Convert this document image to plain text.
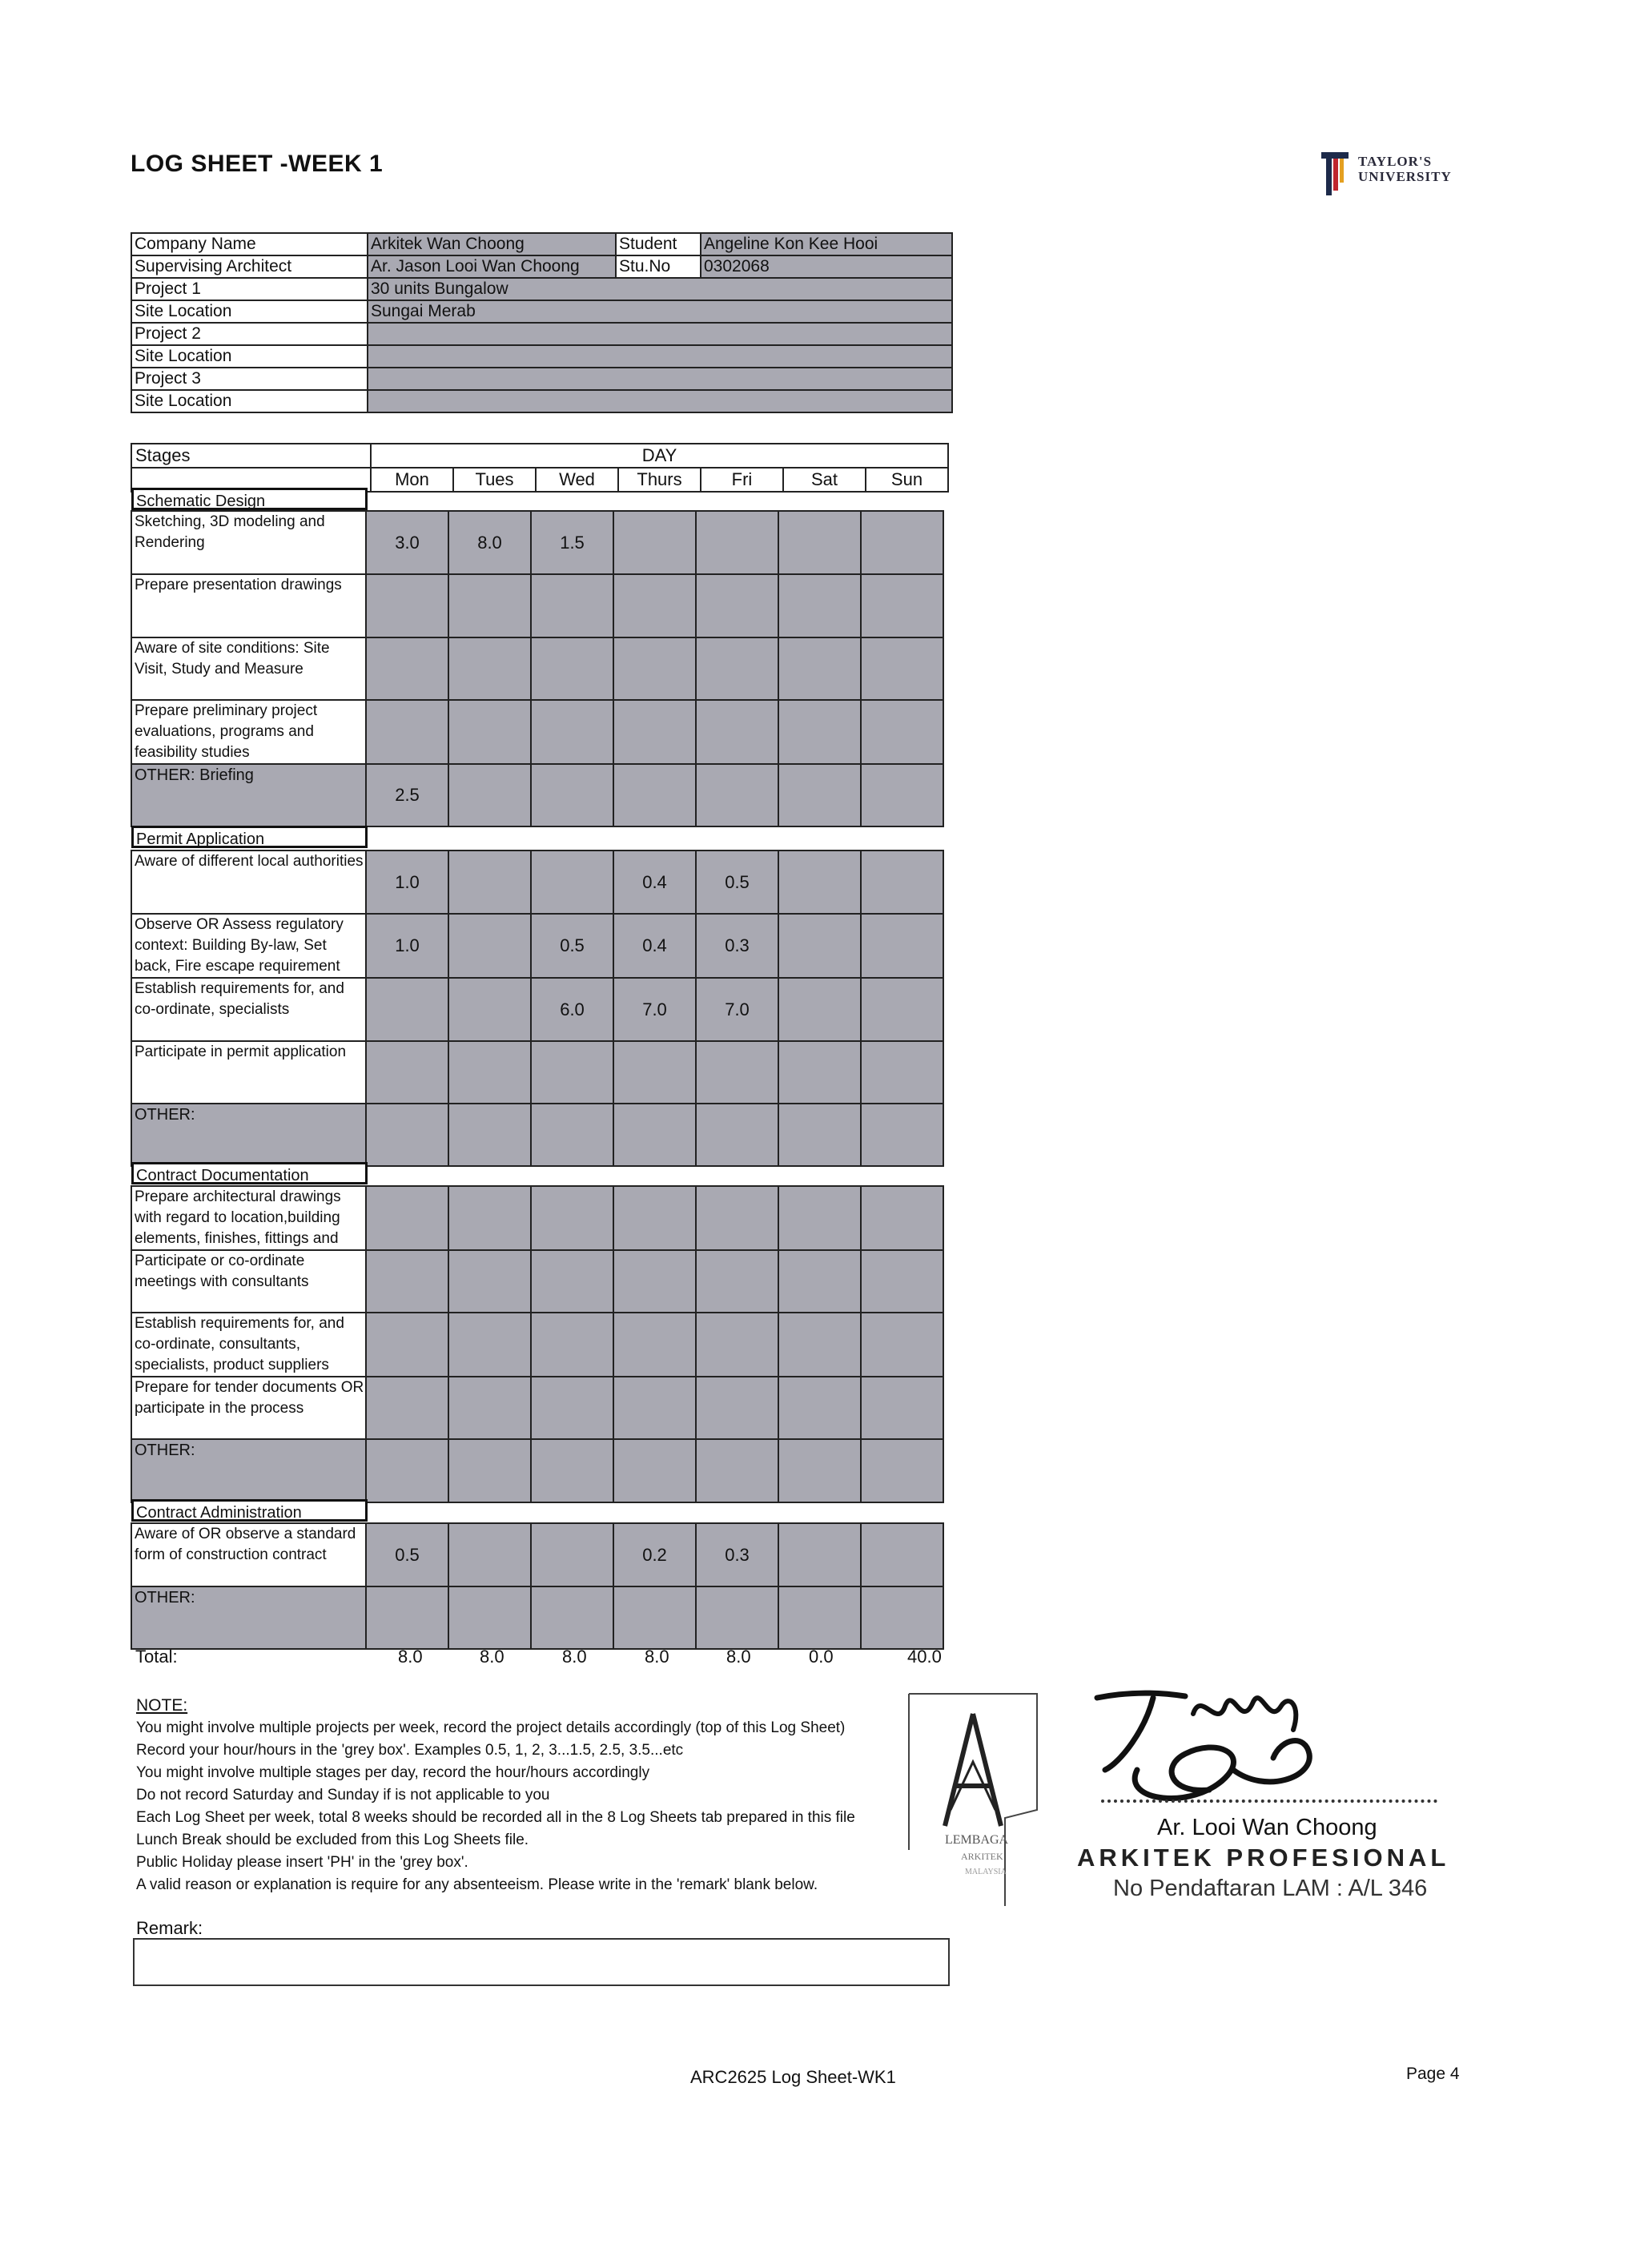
LOG SHEET -WEEK 1	TAYLOR'S
UNIVERSITY
Company Name	Arkitek Wan Choong	Student	Angeline Kon Kee Hooi
Supervising Architect	Ar. Jason Looi Wan Choong	Stu.No	0302068
Project 1	30 units Bungalow		
Site Location	Sungai Merab		
Project 2			
Site Location			
Project 3			
Site Location			
Stages	DAY						
	Mon	Tues	Wed	Thurs	Fri	Sat	Sun
Schematic Design
Sketching, 3D modeling and Rendering	3.0	8.0	1.5				
Prepare presentation drawings							
Aware of site conditions: Site Visit, Study and Measure							
Prepare preliminary project evaluations, programs and feasibility studies							
OTHER: Briefing	2.5						
Permit Application
Aware of different local authorities	1.0			0.4	0.5		
Observe OR Assess regulatory context: Building By-law, Set back, Fire escape requirement	1.0		0.5	0.4	0.3		
Establish requirements for, and co-ordinate, specialists			6.0	7.0	7.0		
Participate in permit application							
OTHER:							
Contract Documentation
Prepare architectural drawings with regard to location,building elements, finishes, fittings and							
Participate or co-ordinate meetings with consultants							
Establish requirements for, and co-ordinate, consultants, specialists, product suppliers							
Prepare for tender documents OR participate in the process							
OTHER:							
Contract Administration
Aware of OR observe a standard form of construction contract	0.5			0.2	0.3		
OTHER:							
Total:	8.0	8.0	8.0	8.0	8.0	0.0	40.0
NOTE:
You might involve multiple projects per week, record the project details accordingly (top of this Log Sheet)
Record your hour/hours in the 'grey box'. Examples 0.5, 1, 2, 3...1.5, 2.5, 3.5...etc
You might involve multiple stages per day, record the hour/hours accordingly
Do not record Saturday and Sunday if is not applicable to you
Each Log Sheet per week, total 8 weeks should be recorded all in the 8 Log Sheets tab prepared in this file
Lunch Break should be excluded from this Log Sheets file.
Public Holiday please insert 'PH' in the 'grey box'.
A valid reason or explanation is require for any absenteeism. Please write in the 'remark' blank below.
Remark:
LEMBAGA
ARKITEK
MALAYSIA
Ar. Looi Wan Choong
ARKITEK PROFESIONAL
No Pendaftaran LAM : A/L 346
ARC2625 Log Sheet-WK1	Page 4
